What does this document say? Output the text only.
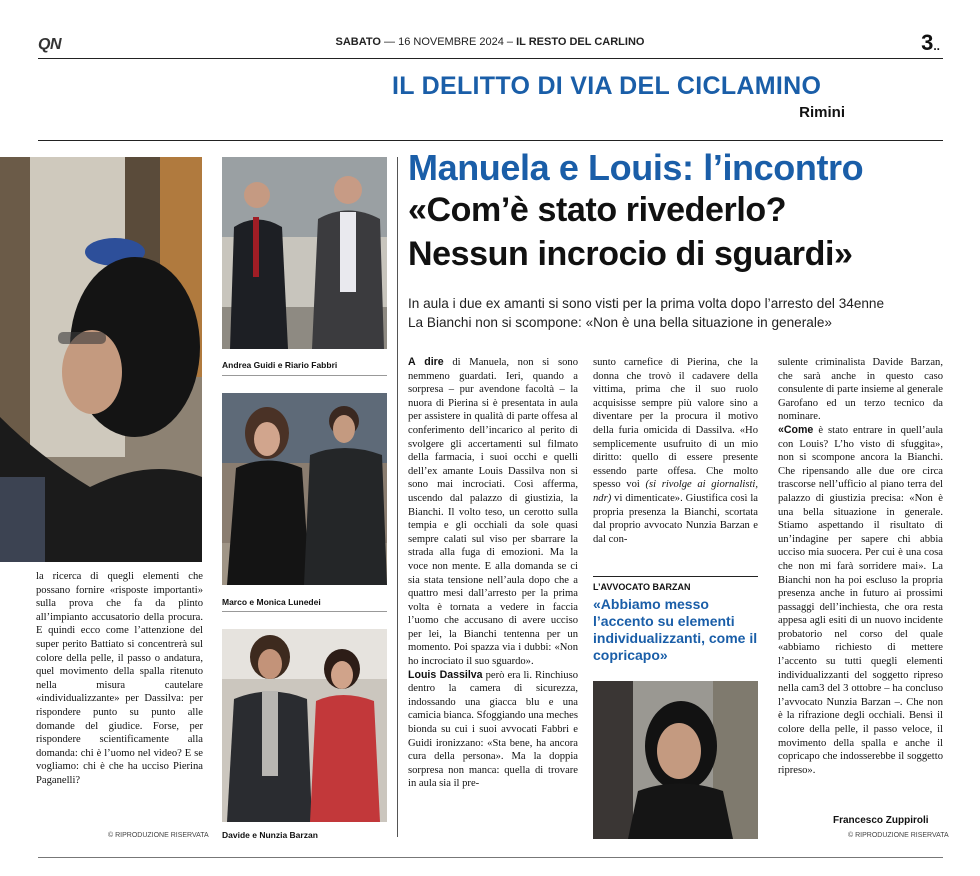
QN	SABATO — 16 NOVEMBRE 2024 – IL RESTO DEL CARLINO	3..
IL DELITTO DI VIA DEL CICLAMINO
Rimini
Andrea Guidi e Riario Fabbri
Marco e Monica Lunedei
Davide e Nunzia Barzan
la ricerca di quegli elementi che possano fornire «risposte importanti» sulla prova che fa da plinto all’impianto accusatorio della procura. E quindi ecco come l’attenzione del super perito Battiato si concentrerà sul colore della pelle, il passo o andatura, quel movimento della spalla ritenuto nella misura cautelare «individualizzante» per Dassilva: per rispondere punto su punto alle domande del giudice. Forse, per rispondere scientificamente alla domanda: chi è l’uomo nel video? E se vogliamo: chi è che ha ucciso Pierina Paganelli?
© RIPRODUZIONE RISERVATA
Manuela e Louis: l’incontro
«Com’è stato rivederlo?
Nessun incrocio di sguardi»
In aula i due ex amanti si sono visti per la prima volta dopo l’arresto del 34enne
La Bianchi non si scompone: «Non è una bella situazione in generale»

A dire di Manuela, non si sono nemmeno guardati. Ieri, quando a sorpresa – pur avendone facoltà – la nuora di Pierina si è presentata in aula per assistere in qualità di parte offesa al conferimento dell’incarico al perito di svolgere gli accertamenti sul filmato della farmacia, i suoi occhi e quelli dell’ex amante Louis Dassilva non si sono mai incrociati. Così afferma, uscendo dal palazzo di giustizia, la Bianchi. Il volto teso, un cerotto sulla tempia e gli occhiali da sole quasi sempre calati sul viso per sbarrare la strada alla fuga di emozioni. Ma la voce non mente. E alla domanda se ci sia stata tensione nell’aula dopo che a quattro mesi dall’arresto per la prima volta è tornata a vedere in faccia l’uomo che accusano di avere ucciso per lei, la Bianchi tentenna per un momento. Poi spazza via i dubbi: «Non ho incrociato il suo sguardo».

Louis Dassilva però era lì. Rinchiuso dentro la camera di sicurezza, indossando una giacca blu e una camicia bianca. Sfoggiando una meches bionda su cui i suoi avvocati Fabbri e Guidi ironizzano: «Sta bene, ha ancora cura della persona». Ma la doppia sorpresa non manca: quella di trovare in aula sia il pre-

sunto carnefice di Pierina, che la donna che trovò il cadavere della vittima, prima che il suo ruolo acquisisse sempre più valore sino a diventare per la procura il motivo della furia omicida di Dassilva. «Ho semplicemente usufruito di un mio diritto: quello di essere presente essendo parte offesa. Che molto spesso voi (si rivolge ai giornalisti, ndr) vi dimenticate». Giustifica così la propria presenza la Bianchi, scortata dal proprio avvocato Nunzia Barzan e dal con-

L’AVVOCATO BARZAN
«Abbiamo messo l’accento su elementi individualizzanti, come il copricapo»

sulente criminalista Davide Barzan, che sarà anche in questo caso consulente di parte insieme al generale Garofano ed un terzo tecnico da nominare.

«Come è stato entrare in quell’aula con Louis? L’ho visto di sfuggita», non si scompone ancora la Bianchi. Che ripensando alle due ore circa trascorse nell’ufficio al piano terra del palazzo di giustizia precisa: «Non è una bella situazione in generale. Stiamo aspettando il risultato di un’indagine per sapere chi abbia ucciso mia suocera. Per cui è una cosa che non mi farà sorridere mai». La Bianchi non ha poi escluso la propria presenza anche in futuro ai prossimi passaggi dell’inchiesta, che ora resta appesa agli esiti di un nuovo incidente probatorio nel corso del quale «abbiamo richiesto di mettere l’accento su tutti quegli elementi individualizzanti del soggetto ripreso nella cam3 del 3 ottobre – ha concluso l’avvocato Nunzia Barzan –. Che non è la rifrazione degli occhiali. Bensì il colore della pelle, il passo veloce, il movimento della spalla e anche il copricapo che indosserebbe il soggetto ripreso».

Francesco Zuppiroli
© RIPRODUZIONE RISERVATA
